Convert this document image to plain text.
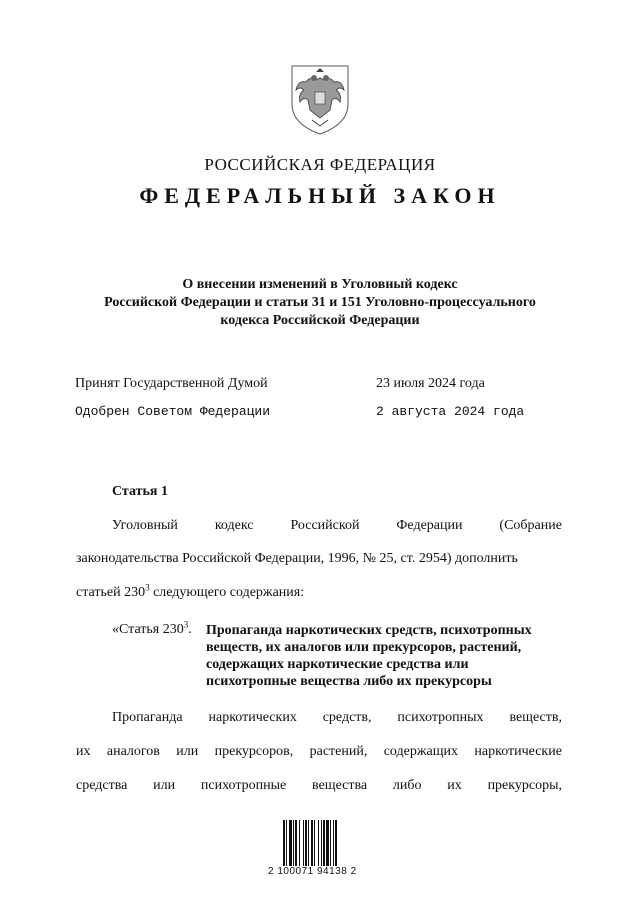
РОССИЙСКАЯ ФЕДЕРАЦИЯ
ФЕДЕРАЛЬНЫЙ ЗАКОН
О внесении изменений в Уголовный кодекс
Российской Федерации и статьи 31 и 151 Уголовно-процессуального
кодекса Российской Федерации
Принят Государственной Думой	23 июля 2024 года
Одобрен Советом Федерации	2 августа 2024 года
Статья 1
Уголовный	кодекс	Российской	Федерации	(Собрание
законодательства Российской Федерации, 1996, № 25, ст. 2954) дополнить
статьей $230^3$ следующего содержания:
«Статья $230^3$. Пропаганда наркотических средств, психотропных
веществ, их аналогов или прекурсоров, растений,
содержащих наркотические средства или
психотропные вещества либо их прекурсоры
Пропаганда наркотических средств, психотропных веществ,
их аналогов или прекурсоров, растений, содержащих наркотические
средства или психотропные вещества либо их прекурсоры,
2 100071 94138 2
